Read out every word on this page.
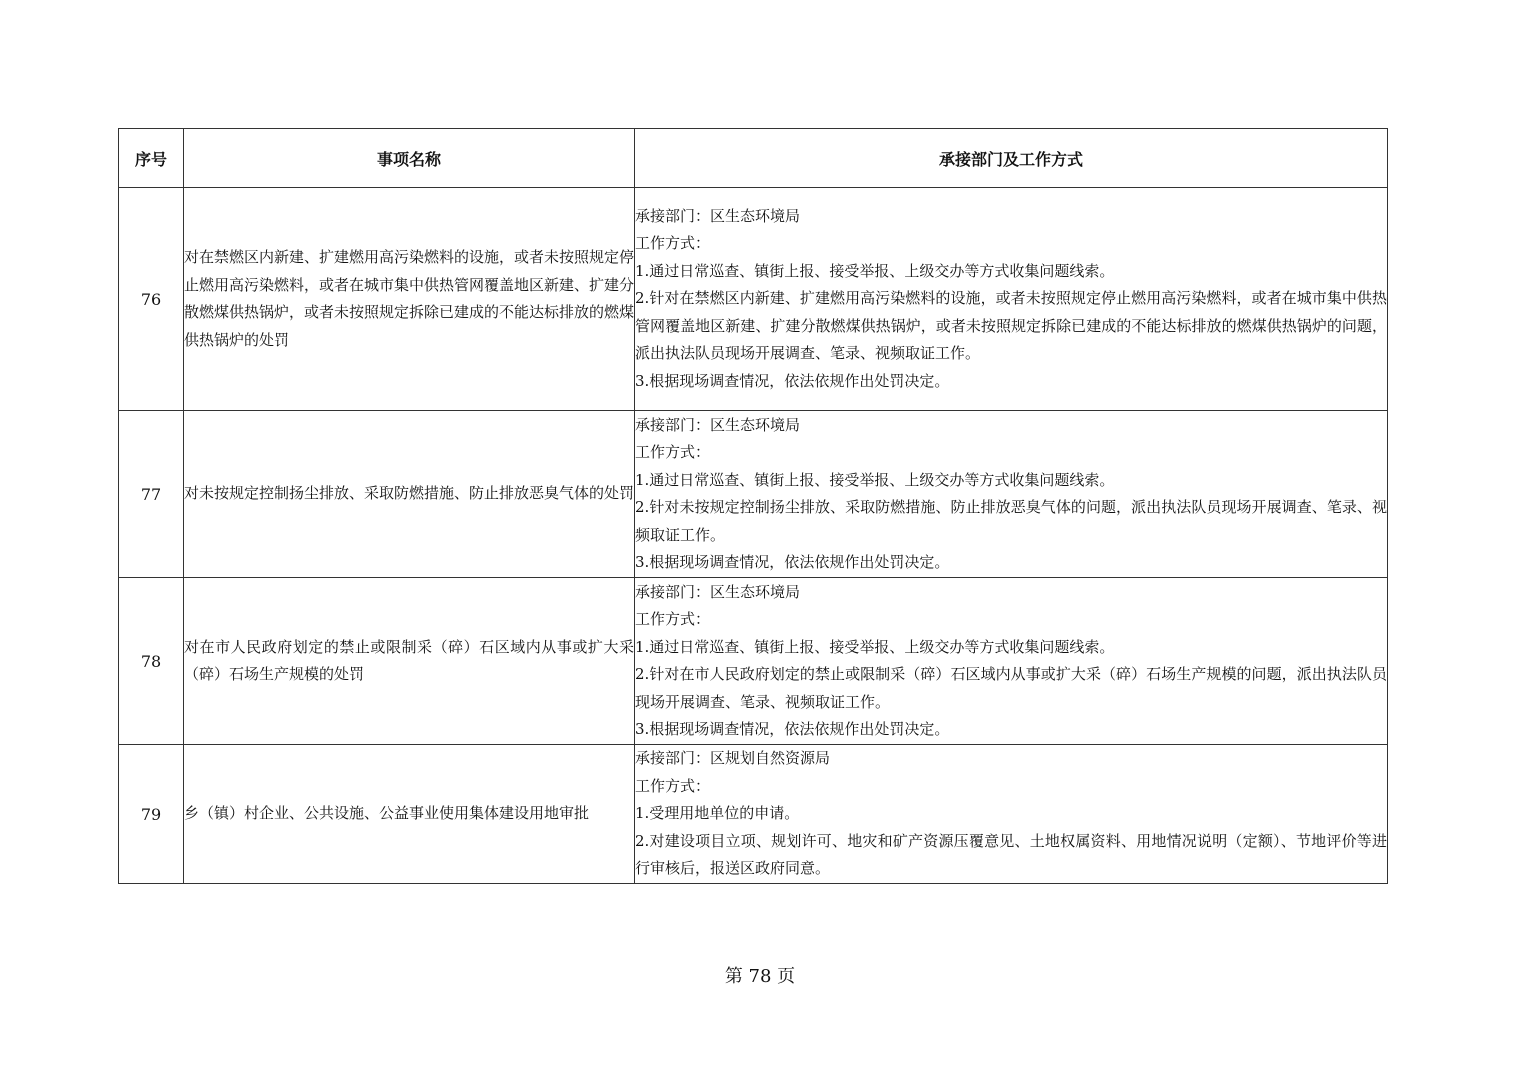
序号	事项名称	承接部门及工作方式
76	对在禁燃区内新建、扩建燃用高污染燃料的设施，或者未按照规定停止燃用高污染燃料，或者在城市集中供热管网覆盖地区新建、扩建分散燃煤供热锅炉，或者未按照规定拆除已建成的不能达标排放的燃煤供热锅炉的处罚	承接部门：区生态环境局
工作方式：
1.通过日常巡查、镇街上报、接受举报、上级交办等方式收集问题线索。
2.针对在禁燃区内新建、扩建燃用高污染燃料的设施，或者未按照规定停止燃用高污染燃料，或者在城市集中供热管网覆盖地区新建、扩建分散燃煤供热锅炉，或者未按照规定拆除已建成的不能达标排放的燃煤供热锅炉的问题，派出执法队员现场开展调查、笔录、视频取证工作。
3.根据现场调查情况，依法依规作出处罚决定。

77	对未按规定控制扬尘排放、采取防燃措施、防止排放恶臭气体的处罚	承接部门：区生态环境局
工作方式：
1.通过日常巡查、镇街上报、接受举报、上级交办等方式收集问题线索。
2.针对未按规定控制扬尘排放、采取防燃措施、防止排放恶臭气体的问题，派出执法队员现场开展调查、笔录、视频取证工作。
3.根据现场调查情况，依法依规作出处罚决定。

78	对在市人民政府划定的禁止或限制采（碎）石区域内从事或扩大采（碎）石场生产规模的处罚	承接部门：区生态环境局
工作方式：
1.通过日常巡查、镇街上报、接受举报、上级交办等方式收集问题线索。
2.针对在市人民政府划定的禁止或限制采（碎）石区域内从事或扩大采（碎）石场生产规模的问题，派出执法队员现场开展调查、笔录、视频取证工作。
3.根据现场调查情况，依法依规作出处罚决定。

79	乡（镇）村企业、公共设施、公益事业使用集体建设用地审批	承接部门：区规划自然资源局
工作方式：
1.受理用地单位的申请。
2.对建设项目立项、规划许可、地灾和矿产资源压覆意见、土地权属资料、用地情况说明（定额）、节地评价等进行审核后，报送区政府同意。
第 78 页
